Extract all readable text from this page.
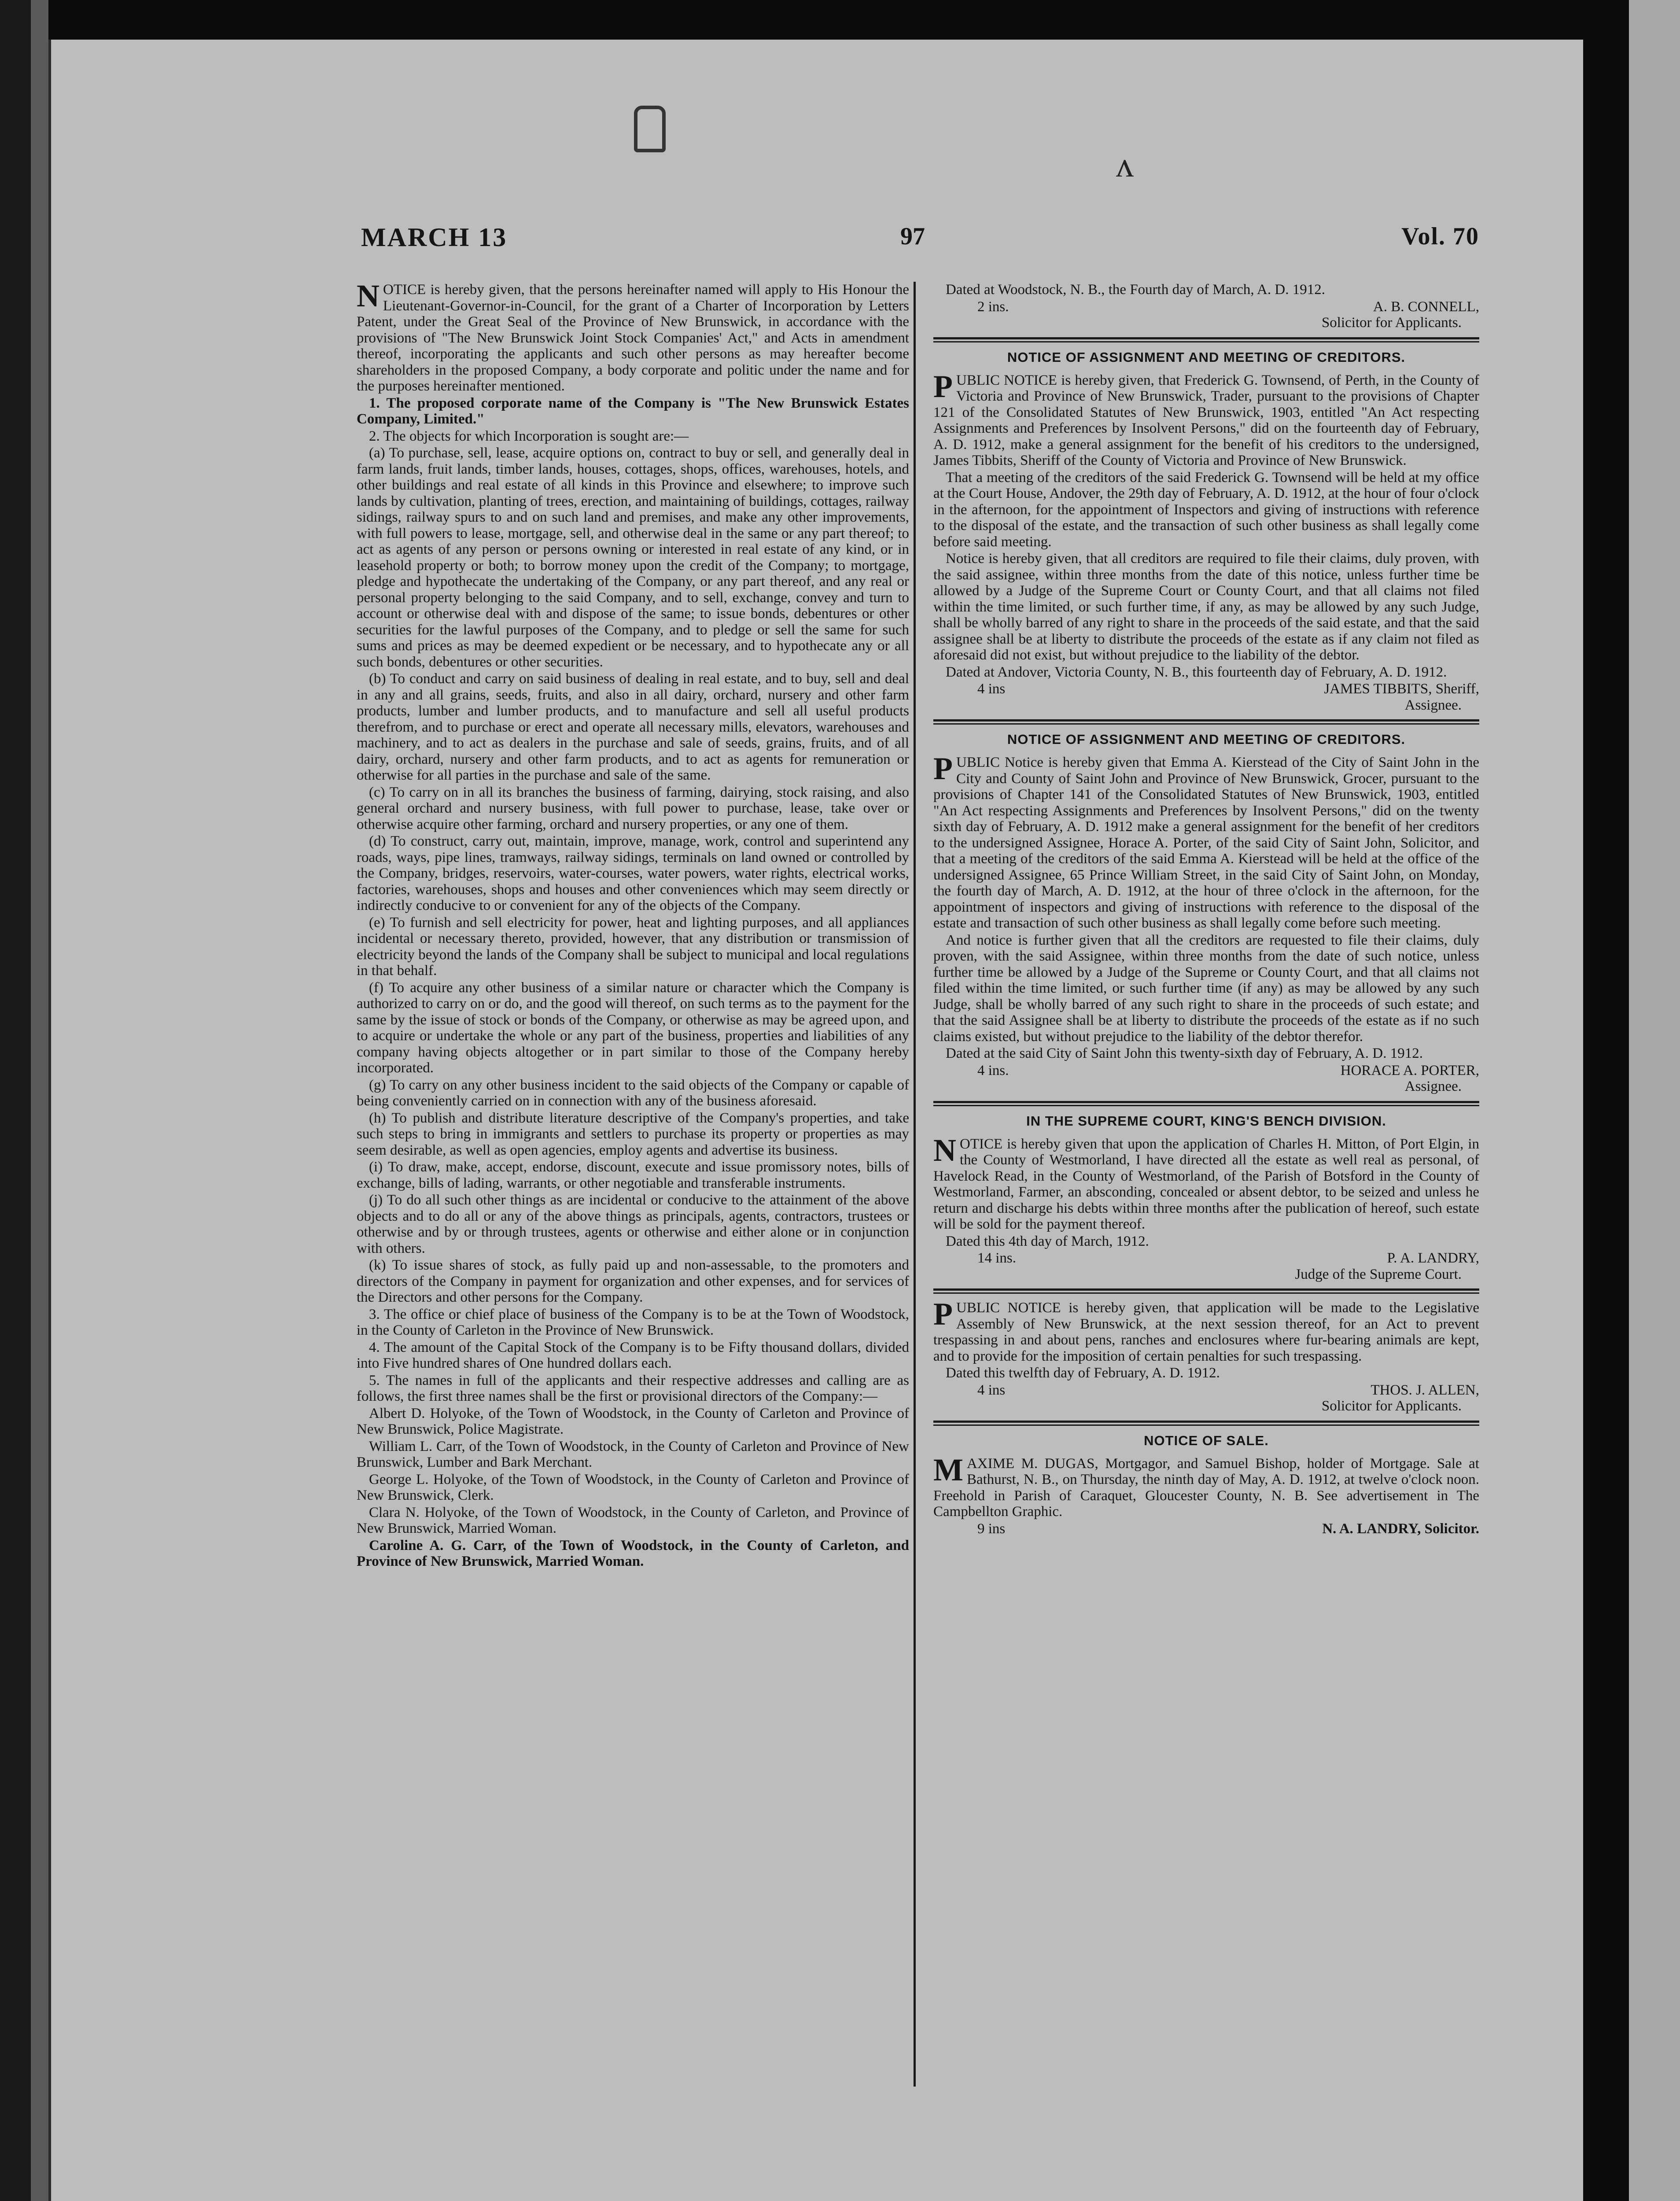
ʌ
MARCH 13	97	Vol. 70

NOTICE is hereby given, that the persons hereinafter named will apply to His Honour the Lieutenant-Governor-in-Council, for the grant of a Charter of Incorporation by Letters Patent, under the Great Seal of the Province of New Brunswick, in accordance with the provisions of "The New Brunswick Joint Stock Companies' Act," and Acts in amendment thereof, incorporating the applicants and such other persons as may hereafter become shareholders in the proposed Company, a body corporate and politic under the name and for the purposes hereinafter mentioned.

1. The proposed corporate name of the Company is "The New Brunswick Estates Company, Limited."

2. The objects for which Incorporation is sought are:—

(a) To purchase, sell, lease, acquire options on, contract to buy or sell, and generally deal in farm lands, fruit lands, timber lands, houses, cottages, shops, offices, warehouses, hotels, and other buildings and real estate of all kinds in this Province and elsewhere; to improve such lands by cultivation, planting of trees, erection, and maintaining of buildings, cottages, railway sidings, railway spurs to and on such land and premises, and make any other improvements, with full powers to lease, mortgage, sell, and otherwise deal in the same or any part thereof; to act as agents of any person or persons owning or interested in real estate of any kind, or in leasehold property or both; to borrow money upon the credit of the Company; to mortgage, pledge and hypothecate the undertaking of the Company, or any part thereof, and any real or personal property belonging to the said Company, and to sell, exchange, convey and turn to account or otherwise deal with and dispose of the same; to issue bonds, debentures or other securities for the lawful purposes of the Company, and to pledge or sell the same for such sums and prices as may be deemed expedient or be necessary, and to hypothecate any or all such bonds, debentures or other securities.

(b) To conduct and carry on said business of dealing in real estate, and to buy, sell and deal in any and all grains, seeds, fruits, and also in all dairy, orchard, nursery and other farm products, lumber and lumber products, and to manufacture and sell all useful products therefrom, and to purchase or erect and operate all necessary mills, elevators, warehouses and machinery, and to act as dealers in the purchase and sale of seeds, grains, fruits, and of all dairy, orchard, nursery and other farm products, and to act as agents for remuneration or otherwise for all parties in the purchase and sale of the same.

(c) To carry on in all its branches the business of farming, dairying, stock raising, and also general orchard and nursery business, with full power to purchase, lease, take over or otherwise acquire other farming, orchard and nursery properties, or any one of them.

(d) To construct, carry out, maintain, improve, manage, work, control and superintend any roads, ways, pipe lines, tramways, railway sidings, terminals on land owned or controlled by the Company, bridges, reservoirs, water-courses, water powers, water rights, electrical works, factories, warehouses, shops and houses and other conveniences which may seem directly or indirectly conducive to or convenient for any of the objects of the Company.

(e) To furnish and sell electricity for power, heat and lighting purposes, and all appliances incidental or necessary thereto, provided, however, that any distribution or transmission of electricity beyond the lands of the Company shall be subject to municipal and local regulations in that behalf.

(f) To acquire any other business of a similar nature or character which the Company is authorized to carry on or do, and the good will thereof, on such terms as to the payment for the same by the issue of stock or bonds of the Company, or otherwise as may be agreed upon, and to acquire or undertake the whole or any part of the business, properties and liabilities of any company having objects altogether or in part similar to those of the Company hereby incorporated.

(g) To carry on any other business incident to the said objects of the Company or capable of being conveniently carried on in connection with any of the business aforesaid.

(h) To publish and distribute literature descriptive of the Company's properties, and take such steps to bring in immigrants and settlers to purchase its property or properties as may seem desirable, as well as open agencies, employ agents and advertise its business.

(i) To draw, make, accept, endorse, discount, execute and issue promissory notes, bills of exchange, bills of lading, warrants, or other negotiable and transferable instruments.

(j) To do all such other things as are incidental or conducive to the attainment of the above objects and to do all or any of the above things as principals, agents, contractors, trustees or otherwise and by or through trustees, agents or otherwise and either alone or in conjunction with others.

(k) To issue shares of stock, as fully paid up and non-assessable, to the promoters and directors of the Company in payment for organization and other expenses, and for services of the Directors and other persons for the Company.

3. The office or chief place of business of the Company is to be at the Town of Woodstock, in the County of Carleton in the Province of New Brunswick.

4. The amount of the Capital Stock of the Company is to be Fifty thousand dollars, divided into Five hundred shares of One hundred dollars each.

5. The names in full of the applicants and their respective addresses and calling are as follows, the first three names shall be the first or provisional directors of the Company:—

Albert D. Holyoke, of the Town of Woodstock, in the County of Carleton and Province of New Brunswick, Police Magistrate.

William L. Carr, of the Town of Woodstock, in the County of Carleton and Province of New Brunswick, Lumber and Bark Merchant.

George L. Holyoke, of the Town of Woodstock, in the County of Carleton and Province of New Brunswick, Clerk.

Clara N. Holyoke, of the Town of Woodstock, in the County of Carleton, and Province of New Brunswick, Married Woman.

Caroline A. G. Carr, of the Town of Woodstock, in the County of Carleton, and Province of New Brunswick, Married Woman.

Dated at Woodstock, N. B., the Fourth day of March, A. D. 1912.

2 ins.	A. B. CONNELL,

Solicitor for Applicants.

NOTICE OF ASSIGNMENT AND MEETING OF CREDITORS.

PUBLIC NOTICE is hereby given, that Frederick G. Townsend, of Perth, in the County of Victoria and Province of New Brunswick, Trader, pursuant to the provisions of Chapter 121 of the Consolidated Statutes of New Brunswick, 1903, entitled "An Act respecting Assignments and Preferences by Insolvent Persons," did on the fourteenth day of February, A. D. 1912, make a general assignment for the benefit of his creditors to the undersigned, James Tibbits, Sheriff of the County of Victoria and Province of New Brunswick.

That a meeting of the creditors of the said Frederick G. Townsend will be held at my office at the Court House, Andover, the 29th day of February, A. D. 1912, at the hour of four o'clock in the afternoon, for the appointment of Inspectors and giving of instructions with reference to the disposal of the estate, and the transaction of such other business as shall legally come before said meeting.

Notice is hereby given, that all creditors are required to file their claims, duly proven, with the said assignee, within three months from the date of this notice, unless further time be allowed by a Judge of the Supreme Court or County Court, and that all claims not filed within the time limited, or such further time, if any, as may be allowed by any such Judge, shall be wholly barred of any right to share in the proceeds of the said estate, and that the said assignee shall be at liberty to distribute the proceeds of the estate as if any claim not filed as aforesaid did not exist, but without prejudice to the liability of the debtor.

Dated at Andover, Victoria County, N. B., this fourteenth day of February, A. D. 1912.

4 ins	JAMES TIBBITS, Sheriff,

Assignee.

NOTICE OF ASSIGNMENT AND MEETING OF CREDITORS.

PUBLIC Notice is hereby given that Emma A. Kierstead of the City of Saint John in the City and County of Saint John and Province of New Brunswick, Grocer, pursuant to the provisions of Chapter 141 of the Consolidated Statutes of New Brunswick, 1903, entitled "An Act respecting Assignments and Preferences by Insolvent Persons," did on the twenty sixth day of February, A. D. 1912 make a general assignment for the benefit of her creditors to the undersigned Assignee, Horace A. Porter, of the said City of Saint John, Solicitor, and that a meeting of the creditors of the said Emma A. Kierstead will be held at the office of the undersigned Assignee, 65 Prince William Street, in the said City of Saint John, on Monday, the fourth day of March, A. D. 1912, at the hour of three o'clock in the afternoon, for the appointment of inspectors and giving of instructions with reference to the disposal of the estate and transaction of such other business as shall legally come before such meeting.

And notice is further given that all the creditors are requested to file their claims, duly proven, with the said Assignee, within three months from the date of such notice, unless further time be allowed by a Judge of the Supreme or County Court, and that all claims not filed within the time limited, or such further time (if any) as may be allowed by any such Judge, shall be wholly barred of any such right to share in the proceeds of such estate; and that the said Assignee shall be at liberty to distribute the proceeds of the estate as if no such claims existed, but without prejudice to the liability of the debtor therefor.

Dated at the said City of Saint John this twenty-sixth day of February, A. D. 1912.

4 ins.	HORACE A. PORTER,

Assignee.

IN THE SUPREME COURT, KING'S BENCH DIVISION.

NOTICE is hereby given that upon the application of Charles H. Mitton, of Port Elgin, in the County of Westmorland, I have directed all the estate as well real as personal, of Havelock Read, in the County of Westmorland, of the Parish of Botsford in the County of Westmorland, Farmer, an absconding, concealed or absent debtor, to be seized and unless he return and discharge his debts within three months after the publication of hereof, such estate will be sold for the payment thereof.

Dated this 4th day of March, 1912.

14 ins.	P. A. LANDRY,

Judge of the Supreme Court.

PUBLIC NOTICE is hereby given, that application will be made to the Legislative Assembly of New Brunswick, at the next session thereof, for an Act to prevent trespassing in and about pens, ranches and enclosures where fur-bearing animals are kept, and to provide for the imposition of certain penalties for such trespassing.

Dated this twelfth day of February, A. D. 1912.

4 ins	THOS. J. ALLEN,

Solicitor for Applicants.

NOTICE OF SALE.

MAXIME M. DUGAS, Mortgagor, and Samuel Bishop, holder of Mortgage. Sale at Bathurst, N. B., on Thursday, the ninth day of May, A. D. 1912, at twelve o'clock noon. Freehold in Parish of Caraquet, Gloucester County, N. B. See advertisement in The Campbellton Graphic.

9 ins	N. A. LANDRY, Solicitor.
